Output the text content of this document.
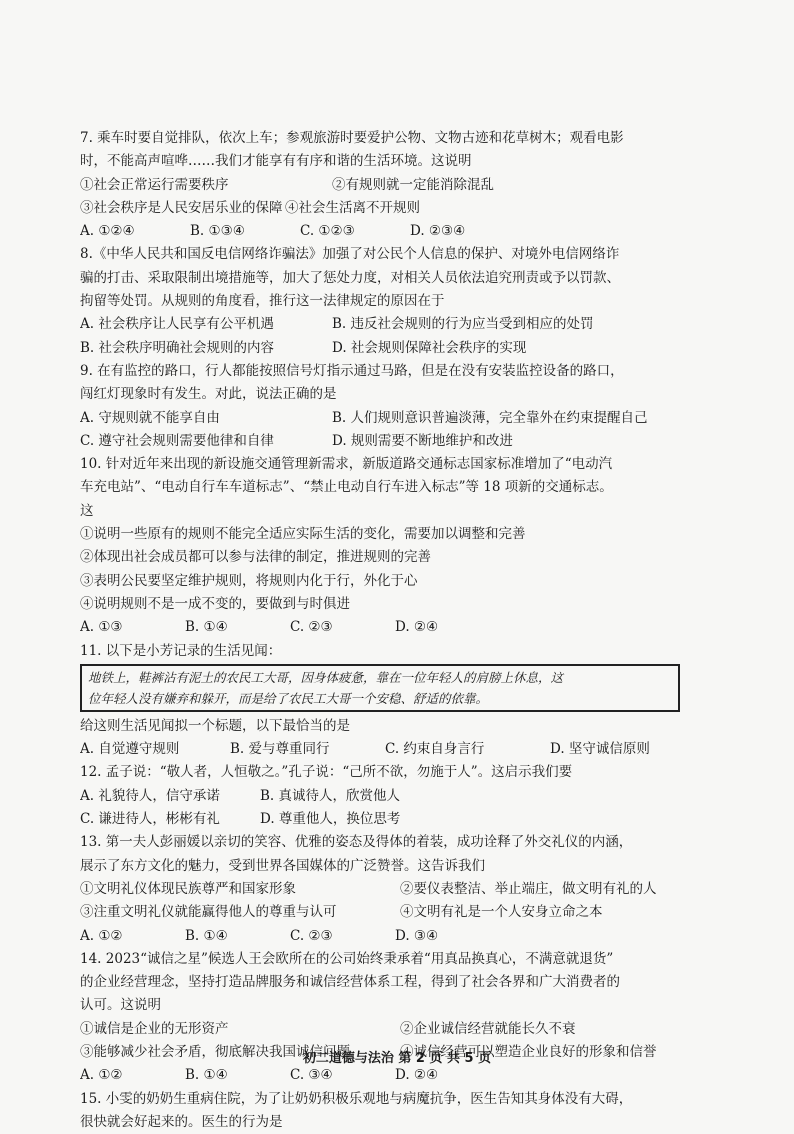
7. 乘车时要自觉排队，依次上车；参观旅游时要爱护公物、文物古迹和花草树木；观看电影
时，不能高声喧哗……我们才能享有有序和谐的生活环境。这说明
①社会正常运行需要秩序	②有规则就一定能消除混乱
③社会秩序是人民安居乐业的保障 ④社会生活离不开规则
A. ①②④	B. ①③④	C. ①②③	D. ②③④
8.《中华人民共和国反电信网络诈骗法》加强了对公民个人信息的保护、对境外电信网络诈
骗的打击、采取限制出境措施等，加大了惩处力度，对相关人员依法追究刑责或予以罚款、
拘留等处罚。从规则的角度看，推行这一法律规定的原因在于
A. 社会秩序让人民享有公平机遇	B. 违反社会规则的行为应当受到相应的处罚
B. 社会秩序明确社会规则的内容	D. 社会规则保障社会秩序的实现
9. 在有监控的路口，行人都能按照信号灯指示通过马路，但是在没有安装监控设备的路口，
闯红灯现象时有发生。对此，说法正确的是
A. 守规则就不能享自由	B. 人们规则意识普遍淡薄，完全靠外在约束提醒自己
C. 遵守社会规则需要他律和自律	D. 规则需要不断地维护和改进
10. 针对近年来出现的新设施交通管理新需求，新版道路交通标志国家标准增加了“电动汽
车充电站”、“电动自行车车道标志”、“禁止电动自行车进入标志”等 18 项新的交通标志。
这
①说明一些原有的规则不能完全适应实际生活的变化，需要加以调整和完善
②体现出社会成员都可以参与法律的制定，推进规则的完善
③表明公民要坚定维护规则，将规则内化于行，外化于心
④说明规则不是一成不变的，要做到与时俱进
A. ①③	B. ①④	C. ②③	D. ②④
11. 以下是小芳记录的生活见闻：
地铁上，鞋裤沾有泥土的农民工大哥，因身体疲惫，靠在一位年轻人的肩膀上休息，这
位年轻人没有嫌弃和躲开，而是给了农民工大哥一个安稳、舒适的依靠。
给这则生活见闻拟一个标题，以下最恰当的是
A. 自觉遵守规则	B. 爱与尊重同行	C. 约束自身言行	D. 坚守诚信原则
12. 孟子说：“敬人者，人恒敬之。”孔子说：“己所不欲，勿施于人”。这启示我们要
A. 礼貌待人，信守承诺	B. 真诚待人，欣赏他人
C. 谦进待人，彬彬有礼	D. 尊重他人，换位思考
13. 第一夫人彭丽媛以亲切的笑容、优雅的姿态及得体的着装，成功诠释了外交礼仪的内涵，
展示了东方文化的魅力，受到世界各国媒体的广泛赞誉。这告诉我们
①文明礼仪体现民族尊严和国家形象	②要仪表整洁、举止端庄，做文明有礼的人
③注重文明礼仪就能赢得他人的尊重与认可	④文明有礼是一个人安身立命之本
A. ①②	B. ①④	C. ②③	D. ③④
14. 2023“诚信之星”候选人王会欧所在的公司始终秉承着“用真品换真心，不满意就退货”
的企业经营理念，坚持打造品牌服务和诚信经营体系工程，得到了社会各界和广大消费者的
认可。这说明
①诚信是企业的无形资产	②企业诚信经营就能长久不衰
③能够减少社会矛盾，彻底解决我国诚信问题	④诚信经营可以塑造企业良好的形象和信誉
A. ①②	B. ①④	C. ③④	D. ②④
15. 小雯的奶奶生重病住院，为了让奶奶积极乐观地与病魔抗争，医生告知其身体没有大碍，
很快就会好起来的。医生的行为是
初二道德与法治 第 2 页 共 5 页
